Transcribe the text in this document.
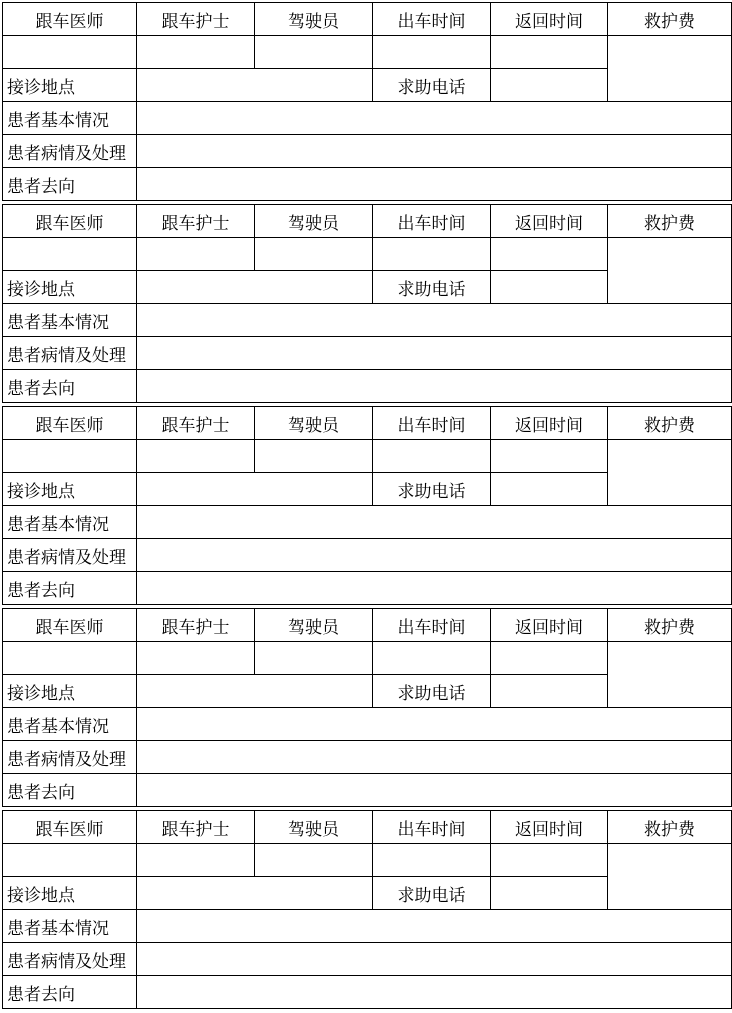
跟车医师	跟车护士	驾驶员	出车时间	返回时间	救护费

接诊地点			求助电话		
患者基本情况					
患者病情及处理					
患者去向					
跟车医师	跟车护士	驾驶员	出车时间	返回时间	救护费

接诊地点			求助电话		
患者基本情况					
患者病情及处理					
患者去向					
跟车医师	跟车护士	驾驶员	出车时间	返回时间	救护费

接诊地点			求助电话		
患者基本情况					
患者病情及处理					
患者去向					
跟车医师	跟车护士	驾驶员	出车时间	返回时间	救护费

接诊地点			求助电话		
患者基本情况					
患者病情及处理					
患者去向					
跟车医师	跟车护士	驾驶员	出车时间	返回时间	救护费

接诊地点			求助电话		
患者基本情况					
患者病情及处理					
患者去向					
